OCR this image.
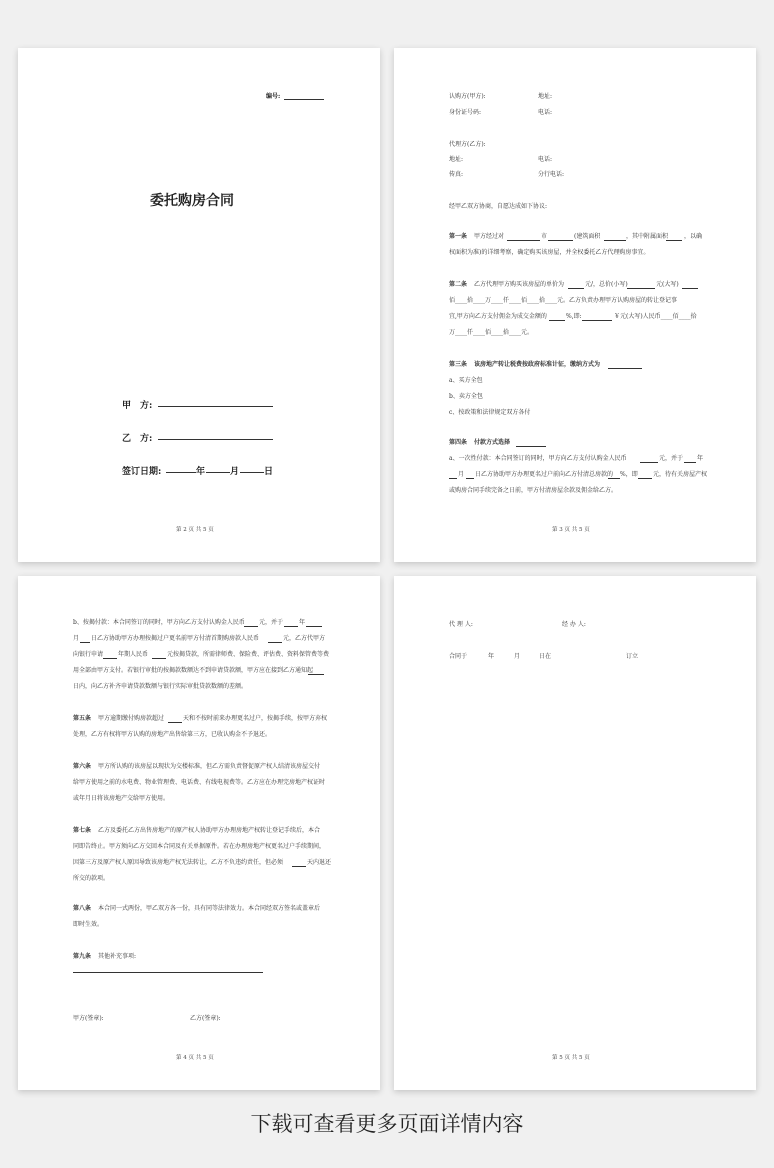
编号:
委托购房合同
甲　方:
乙　方:
签订日期:	年	月	日
第 2 页 共 5 页
认购方(甲方):	地址:
身份证号码:	电话:
代理方(乙方):
地址:	电话:
传真:	分行电话:
经甲乙双方协商，自愿达成如下协议:
第一条 甲方经过对	市	(建筑面积	，其中附属面积	，以确
权面积为准)的详细考察，确定购买该房屋，并全权委托乙方代理购房事宜。
第二条 乙方代理甲方购买该房屋的单价为	元/，总价(小写)	元(大写)
佰____拾____万____仟____佰____拾____元。乙方负责办理甲方认购房屋的转让登记事
宜,甲方向乙方支付佣金为成交金额的	%,即:	￥元(大写)人民币____佰____拾
万____仟____佰____拾____元。
第三条 该房地产转让税费按政府标准计征，缴纳方式为
a、买方全包
b、卖方全包
c、按政策和法律规定双方各付
第四条 付款方式选择
a、一次性付款：本合同签订的同时，甲方向乙方支付认购金人民币	元，并于 年
月 日乙方协助甲方办理更名过户前向乙方付清总房款的 %，即	元，待有关房屋产权
或购房合同手续完备之日前，甲方付清房屋余款及佣金给乙方。
第 3 页 共 5 页
b、按揭付款：本合同签订的同时，甲方向乙方支付认购金人民币 元，并于	年
月 日乙方协助甲方办理按揭过户更名前甲方付清首期购房款人民币	元，乙方代甲方
向银行申请 年期人民币	元按揭贷款，所需律师费、保险费、评估费、资料保管费等费
用全部由甲方支付。若银行审批的按揭款数额达不到申请贷款额，甲方应在接到乙方通知起
日内，向乙方补齐申请贷款数额与银行实际审批贷款数额的差额。
第五条 甲方逾期缴付购房款超过	天和不按时前来办理更名过户，按揭手续，按甲方弃权
处理，乙方有权将甲方认购的房地产出售给第三方，已收认购金不予退还。
第六条 甲方所认购的该房屋以现状为交楼标准，但乙方需负责督促原产权人结清该房屋交付
给甲方使用之前的水电费、物业管理费、电话费、有线电视费等。乙方应在办理完房地产权证时
或年月日将该房地产交给甲方使用。
第七条 乙方及委托乙方出售房地产的原产权人协助甲方办理房地产权转让登记手续后，本合
同即告终止。甲方须向乙方交回本合同及有关单据原件。若在办理房地产权更名过户手续期间，
因第三方及原产权人原因导致该房地产权无法转让，乙方不负违约责任，但必须	天内退还
所交的款项。
第八条 本合同一式两份，甲乙双方各一份，具有同等法律效力。本合同经双方签名或盖章后
即时生效。
第九条 其他补充事项:
甲方(签章):	乙方(签章):
第 4 页 共 5 页
代 理 人:	经 办 人:
合同于	年	月	日在	订立
第 5 页 共 5 页
下载可查看更多页面详情内容
